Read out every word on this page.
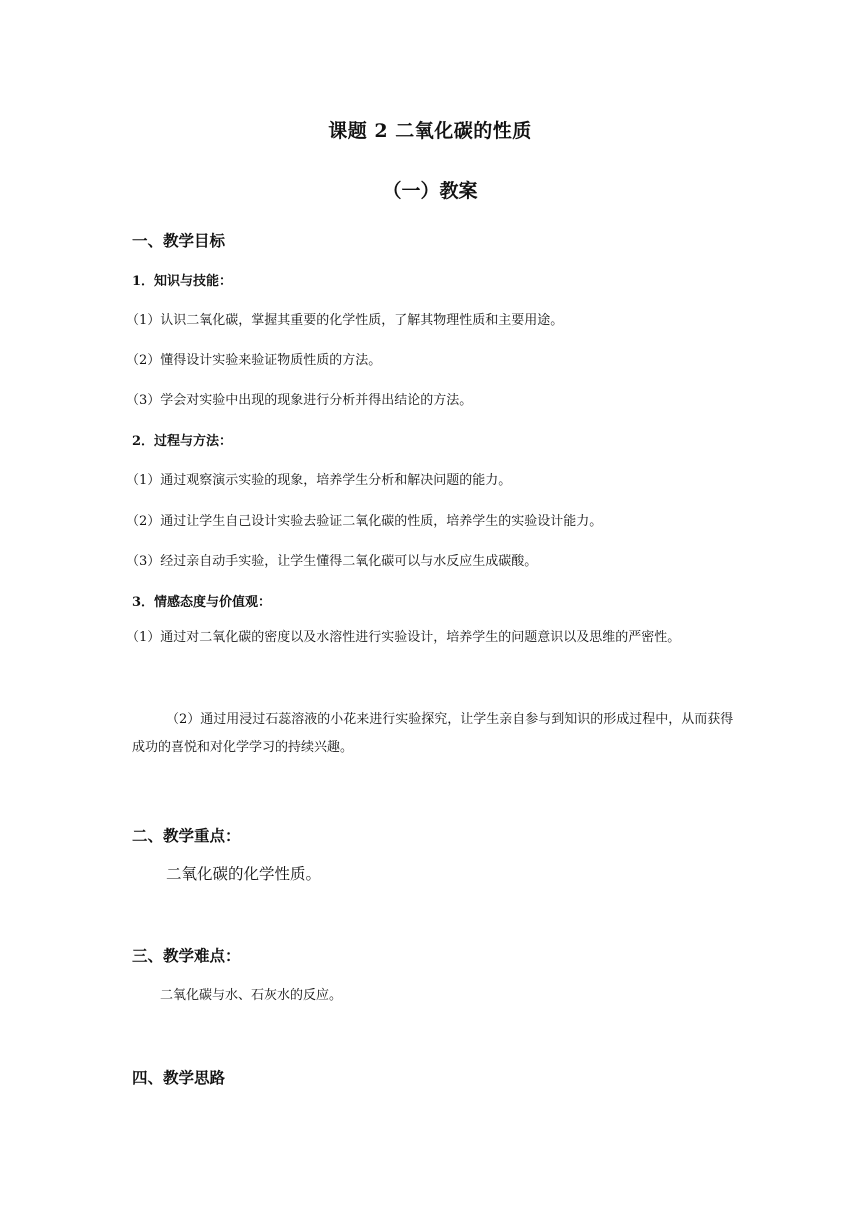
课题 2 二氧化碳的性质
（一）教案
一、教学目标
1．知识与技能：
（1）认识二氧化碳，掌握其重要的化学性质，了解其物理性质和主要用途。
（2）懂得设计实验来验证物质性质的方法。
（3）学会对实验中出现的现象进行分析并得出结论的方法。
2．过程与方法：
（1）通过观察演示实验的现象，培养学生分析和解决问题的能力。
（2）通过让学生自己设计实验去验证二氧化碳的性质，培养学生的实验设计能力。
（3）经过亲自动手实验，让学生懂得二氧化碳可以与水反应生成碳酸。
3．情感态度与价值观：

（1）通过对二氧化碳的密度以及水溶性进行实验设计，培养学生的问题意识以及思维的严密性。

（2）通过用浸过石蕊溶液的小花来进行实验探究，让学生亲自参与到知识的形成过程中，从而获得成功的喜悦和对化学学习的持续兴趣。

二、教学重点：
二氧化碳的化学性质。
三、教学难点：
二氧化碳与水、石灰水的反应。
四、教学思路
